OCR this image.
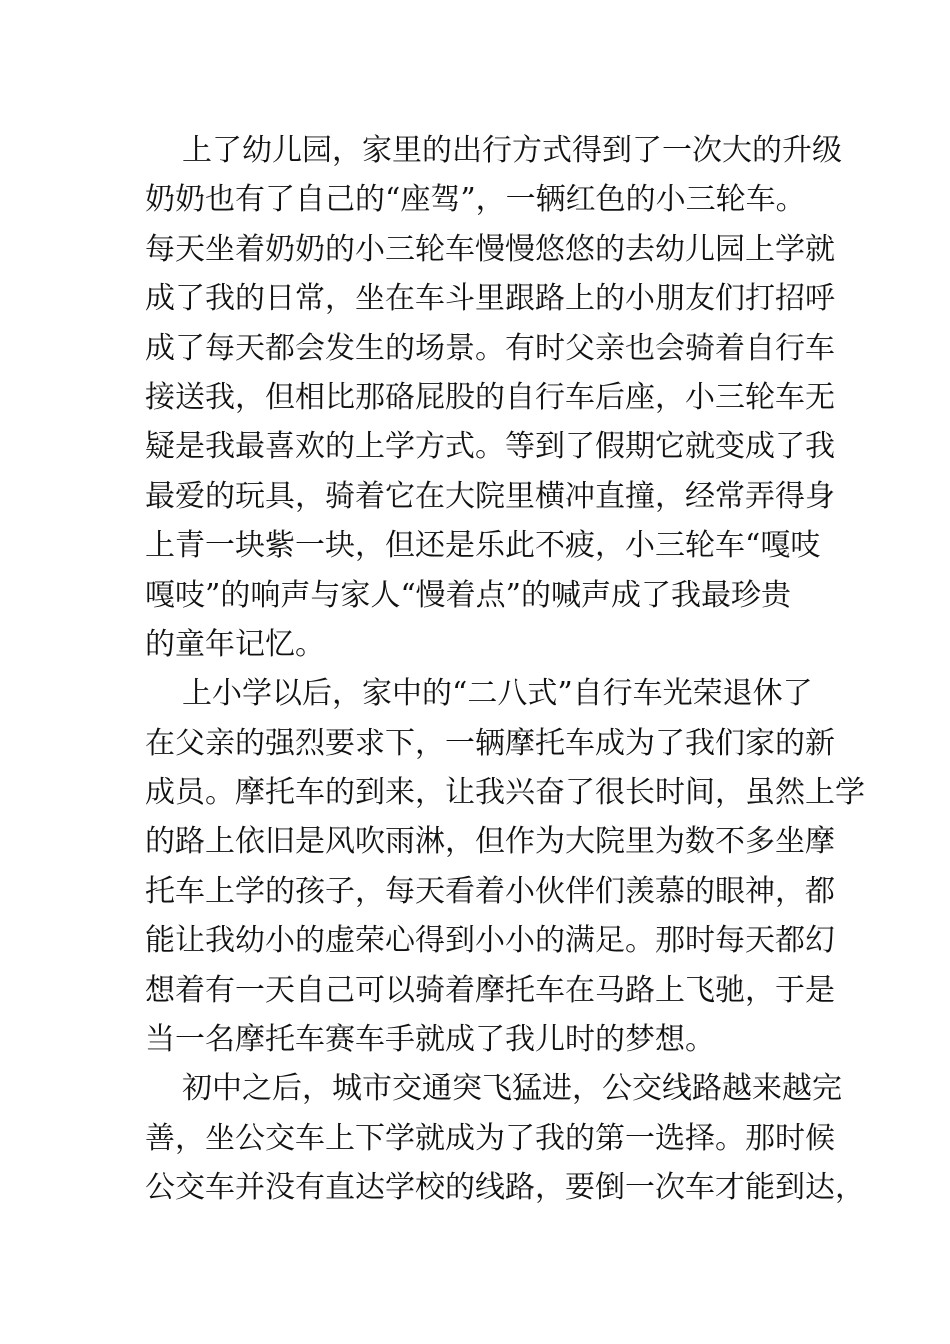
上了幼儿园，家里的出行方式得到了一次大的升级
奶奶也有了自己的“座驾”，一辆红色的小三轮车。
每天坐着奶奶的小三轮车慢慢悠悠的去幼儿园上学就
成了我的日常，坐在车斗里跟路上的小朋友们打招呼
成了每天都会发生的场景。有时父亲也会骑着自行车
接送我，但相比那硌屁股的自行车后座，小三轮车无
疑是我最喜欢的上学方式。等到了假期它就变成了我
最爱的玩具，骑着它在大院里横冲直撞，经常弄得身
上青一块紫一块，但还是乐此不疲，小三轮车“嘎吱
嘎吱”的响声与家人“慢着点”的喊声成了我最珍贵
的童年记忆。
上小学以后，家中的“二八式”自行车光荣退休了
在父亲的强烈要求下，一辆摩托车成为了我们家的新
成员。摩托车的到来，让我兴奋了很长时间，虽然上学
的路上依旧是风吹雨淋，但作为大院里为数不多坐摩
托车上学的孩子，每天看着小伙伴们羡慕的眼神，都
能让我幼小的虚荣心得到小小的满足。那时每天都幻
想着有一天自己可以骑着摩托车在马路上飞驰，于是
当一名摩托车赛车手就成了我儿时的梦想。
初中之后，城市交通突飞猛进，公交线路越来越完
善，坐公交车上下学就成为了我的第一选择。那时候
公交车并没有直达学校的线路，要倒一次车才能到达，
